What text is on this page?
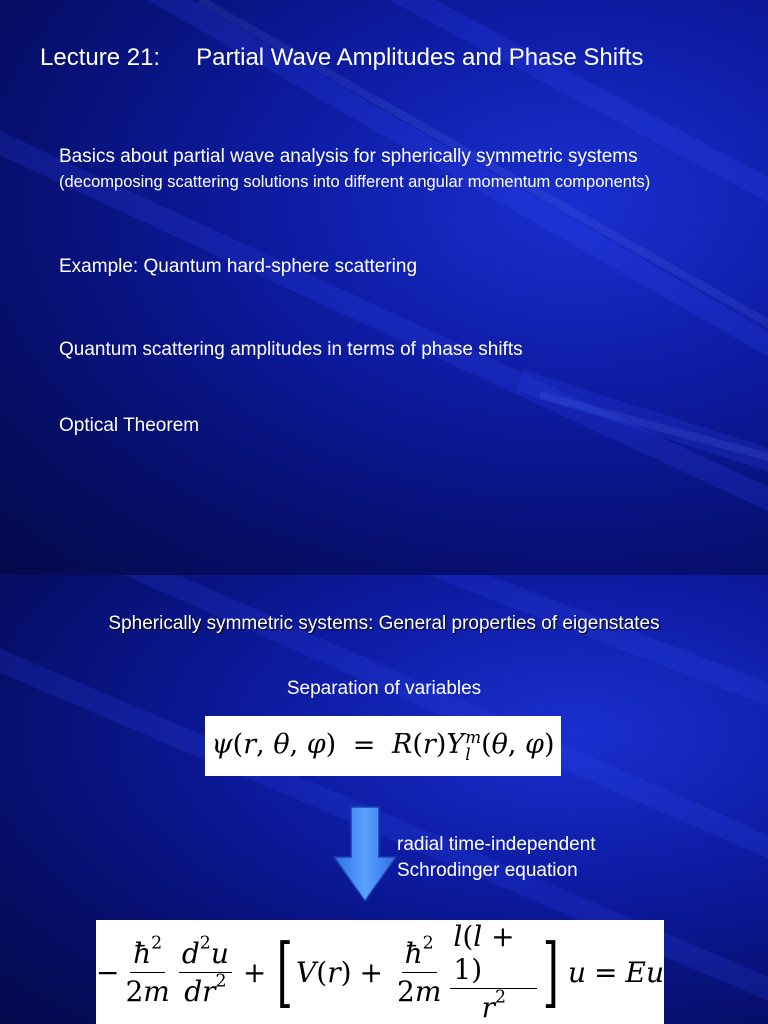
Lecture 21: Partial Wave Amplitudes and Phase Shifts
Basics about partial wave analysis for spherically symmetric systems
(decomposing scattering solutions into different angular momentum components)
Example: Quantum hard-sphere scattering
Quantum scattering amplitudes in terms of phase shifts
Optical Theorem
Spherically symmetric systems: General properties of eigenstates
Separation of variables
ψ(r, θ, φ) = R(r)Y m
l (θ, φ)
radial time-independent
Schrodinger equation
− $\frac{ħ^2}{2m} \frac{d^2u}{dr^2}$ + [ V ( r ) + $\frac{ħ^2}{2m} \frac{l(l + 1)}{r^2}$ ] u = Eu
